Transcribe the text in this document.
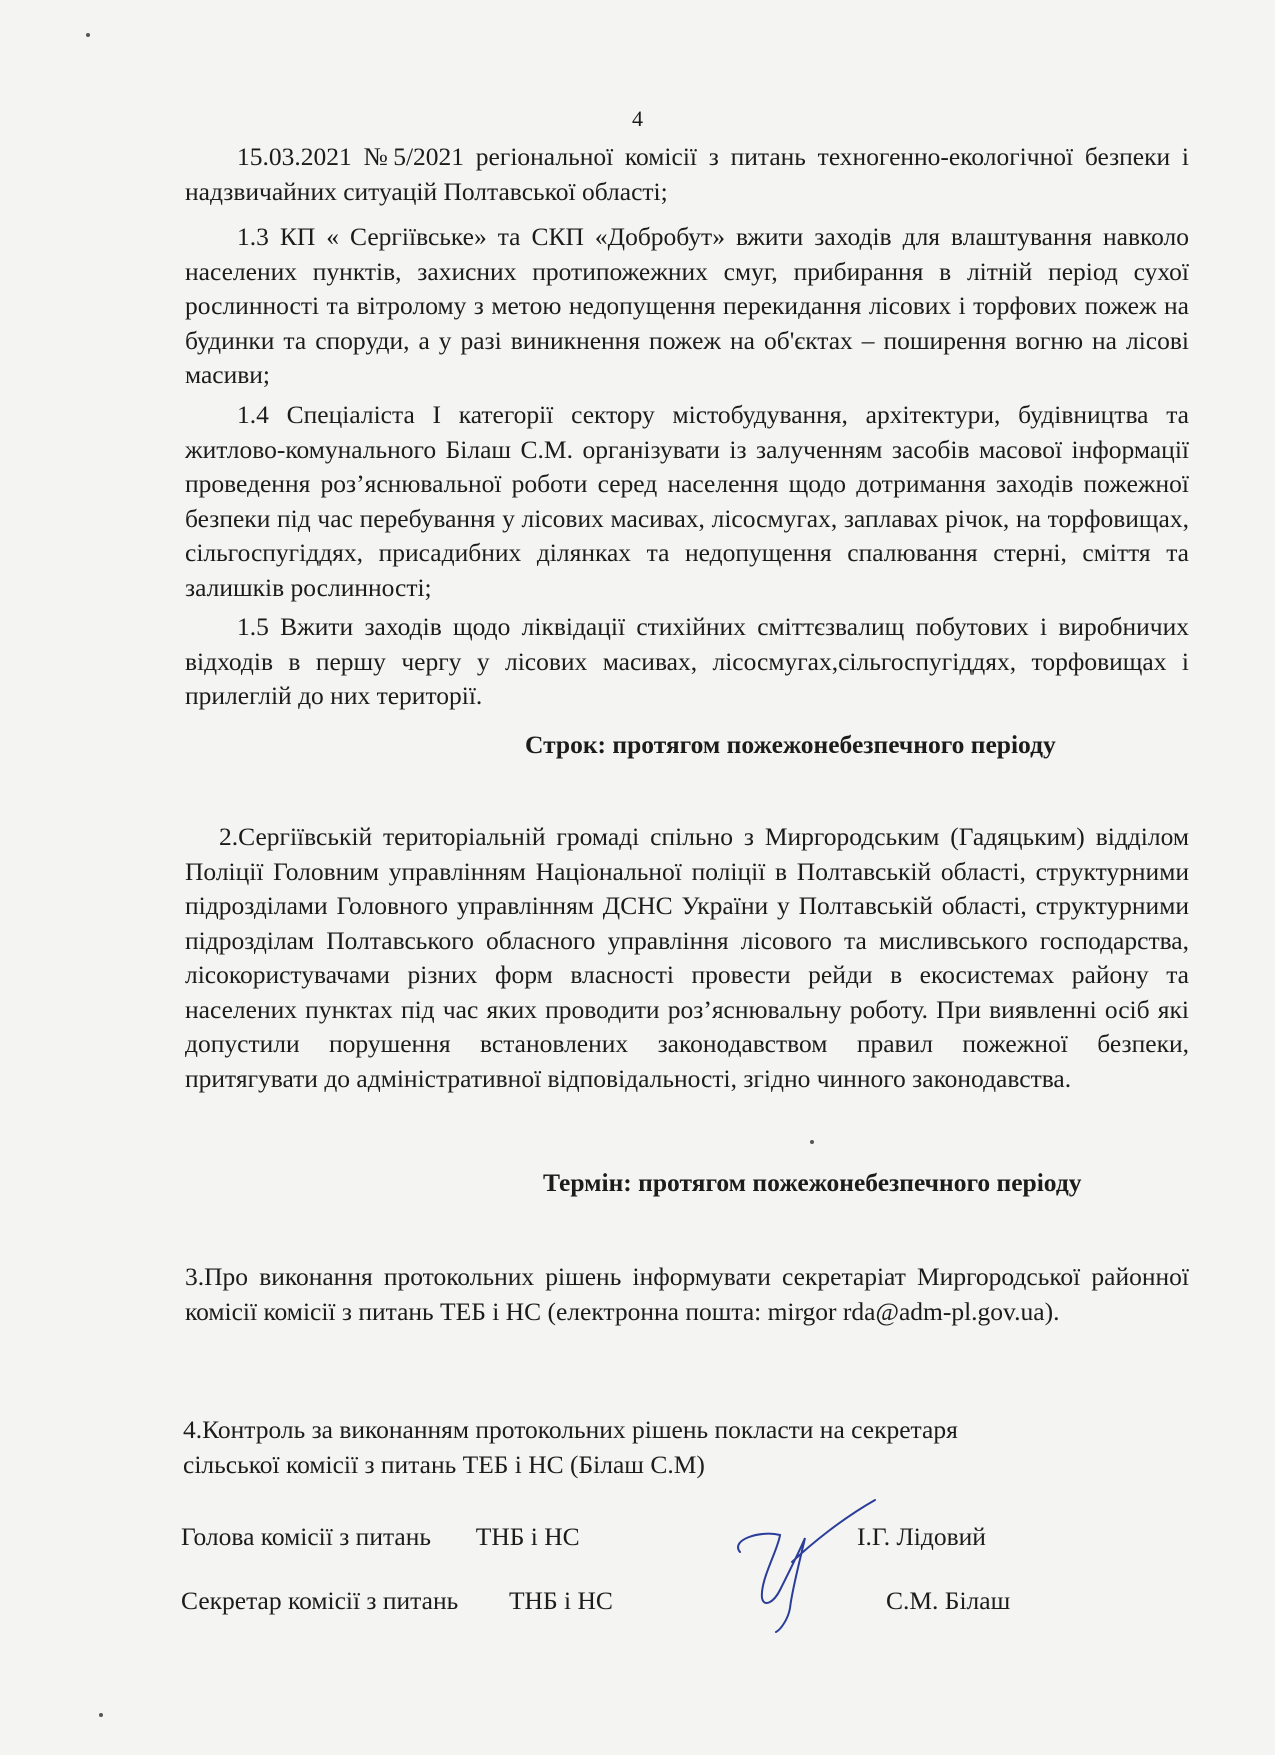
4

15.03.2021 №5/2021 регіональної комісії з питань техногенно-екологічної безпеки і надзвичайних ситуацій Полтавської області;

1.3 КП « Сергіївське» та СКП «Добробут» вжити заходів для влаштування навколо населених пунктів, захисних протипожежних смуг, прибирання в літній період сухої рослинності та вітролому з метою недопущення перекидання лісових і торфових пожеж на будинки та споруди, а у разі виникнення пожеж на об'єктах – поширення вогню на лісові масиви;

1.4 Спеціаліста І категорії сектору містобудування, архітектури, будівництва та житлово-комунального Білаш С.М. організувати із залученням засобів масової інформації проведення роз’яснювальної роботи серед населення щодо дотримання заходів пожежної безпеки під час перебування у лісових масивах, лісосмугах, заплавах річок, на торфовищах, сільгоспугіддях, присадибних ділянках та недопущення спалювання стерні, сміття та залишків рослинності;

1.5 Вжити заходів щодо ліквідації стихійних сміттєзвалищ побутових і виробничих відходів в першу чергу у лісових масивах, лісосмугах,сільгоспугіддях, торфовищах і прилеглій до них території.

Строк: протягом пожежонебезпечного періоду

2.Сергіївській територіальній громаді спільно з Миргородським (Гадяцьким) відділом Поліції Головним управлінням Національної поліції в Полтавській області, структурними підрозділами Головного управлінням ДСНС України у Полтавській області, структурними підрозділам Полтавського обласного управління лісового та мисливського господарства, лісокористувачами різних форм власності провести рейди в екосистемах району та населених пунктах під час яких проводити роз’яснювальну роботу. При виявленні осіб які допустили порушення встановлених законодавством правил пожежної безпеки, притягувати до адміністративної відповідальності, згідно чинного законодавства.

Термін: протягом пожежонебезпечного періоду

3.Про виконання протокольних рішень інформувати секретаріат Миргородської районної комісії комісії з питань ТЕБ і НС (електронна пошта: mirgor rda@adm-pl.gov.ua).

4.Контроль за виконанням протокольних рішень покласти на секретаря
сільської комісії з питань ТЕБ і НС (Білаш С.М)
Голова комісії з питань ТНБ і НС	І.Г. Лідовий
Секретар комісії з питань ТНБ і НС	С.М. Білаш
